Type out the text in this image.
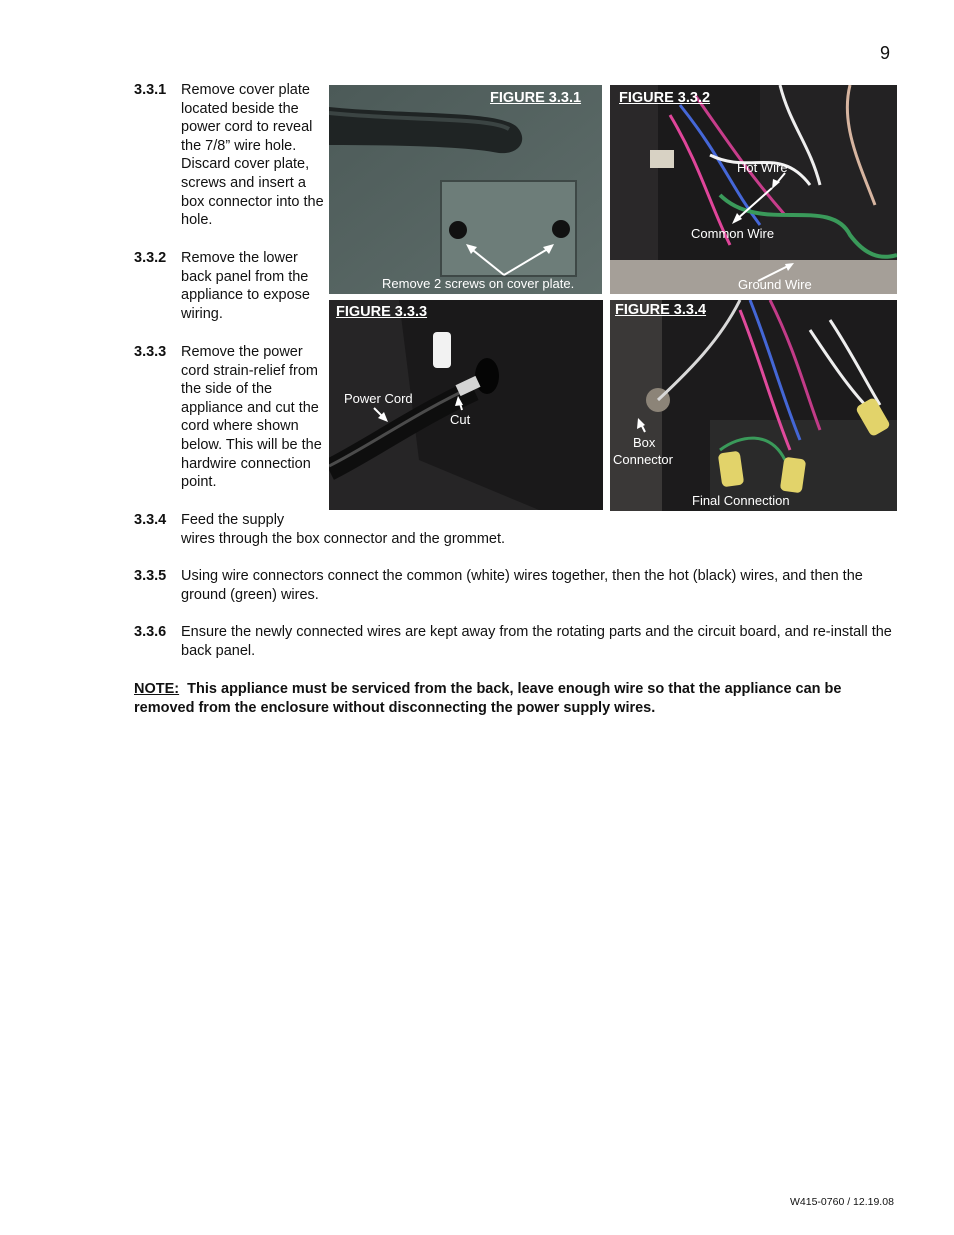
9
3.3.1 Remove cover plate located beside the power cord to reveal the 7/8” wire hole. Discard cover plate, screws and insert a box connector into the hole.
3.3.2 Remove the lower back panel from the appliance to expose wiring.
3.3.3 Remove the power cord strain-relief from the side of the appliance and cut the cord where shown below. This will be the hardwire connection point.
3.3.4 Feed the supply
wires through the box connector and the grommet.
3.3.5 Using wire connectors connect the common (white) wires together, then the hot (black) wires, and then the ground (green) wires.
3.3.6 Ensure the newly connected wires are kept away from the rotating parts and the circuit board, and re-install the back panel.
NOTE: This appliance must be serviced from the back, leave enough wire so that the appliance can be removed from the enclosure without disconnecting the power supply wires.
FIGURE 3.3.1
Remove 2 screws on cover plate.
FIGURE 3.3.2
Hot Wire
Common Wire
Ground Wire
FIGURE 3.3.3
Power Cord
Cut
FIGURE 3.3.4
Box
Connector
Final Connection
W415-0760 / 12.19.08
